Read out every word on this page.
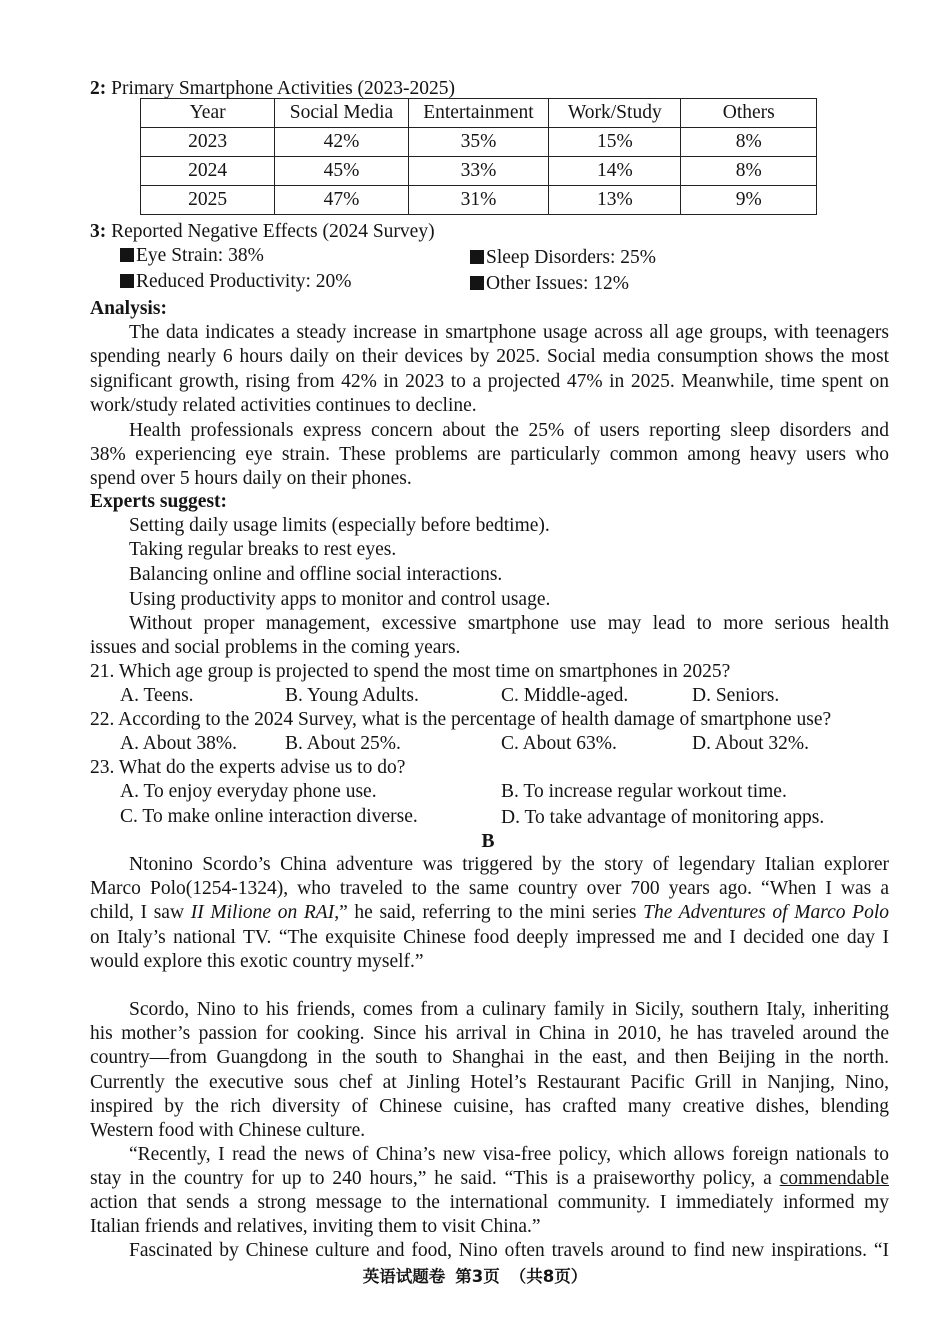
2: Primary Smartphone Activities (2023-2025)
Year	Social Media	Entertainment	Work/Study	Others
2023	42%	35%	15%	8%
2024	45%	33%	14%	8%
2025	47%	31%	13%	9%
3: Reported Negative Effects (2024 Survey)
Eye Strain: 38%	Sleep Disorders: 25%
Reduced Productivity: 20%	Other Issues: 12%
Analysis:
The data indicates a steady increase in smartphone usage across all age groups, with teenagers
spending nearly 6 hours daily on their devices by 2025. Social media consumption shows the most
significant growth, rising from 42% in 2023 to a projected 47% in 2025. Meanwhile, time spent on
work/study related activities continues to decline.
Health professionals express concern about the 25% of users reporting sleep disorders and
38% experiencing eye strain. These problems are particularly common among heavy users who
spend over 5 hours daily on their phones.
Experts suggest:
Setting daily usage limits (especially before bedtime).
Taking regular breaks to rest eyes.
Balancing online and offline social interactions.
Using productivity apps to monitor and control usage.
Without proper management, excessive smartphone use may lead to more serious health
issues and social problems in the coming years.
21. Which age group is projected to spend the most time on smartphones in 2025?
A. Teens.	B. Young Adults.	C. Middle-aged.	D. Seniors.
22. According to the 2024 Survey, what is the percentage of health damage of smartphone use?
A. About 38%. B. About 25%.	C. About 63%.	D. About 32%.
23. What do the experts advise us to do?
A. To enjoy everyday phone use.	B. To increase regular workout time.
C. To make online interaction diverse.	D. To take advantage of monitoring apps.
B
Ntonino Scordo’s China adventure was triggered by the story of legendary Italian explorer
Marco Polo(1254-1324), who traveled to the same country over 700 years ago. “When I was a
child, I saw II Milione on RAI,” he said, referring to the mini series The Adventures of Marco Polo
on Italy’s national TV. “The exquisite Chinese food deeply impressed me and I decided one day I
would explore this exotic country myself.”
Scordo, Nino to his friends, comes from a culinary family in Sicily, southern Italy, inheriting
his mother’s passion for cooking. Since his arrival in China in 2010, he has traveled around the
country—from Guangdong in the south to Shanghai in the east, and then Beijing in the north.
Currently the executive sous chef at Jinling Hotel’s Restaurant Pacific Grill in Nanjing, Nino,
inspired by the rich diversity of Chinese cuisine, has crafted many creative dishes, blending
Western food with Chinese culture.
“Recently, I read the news of China’s new visa-free policy, which allows foreign nationals to
stay in the country for up to 240 hours,” he said. “This is a praiseworthy policy, a commendable
action that sends a strong message to the international community. I immediately informed my
Italian friends and relatives, inviting them to visit China.”
Fascinated by Chinese culture and food, Nino often travels around to find new inspirations. “I
英语试题卷 第3页 （共8页）
